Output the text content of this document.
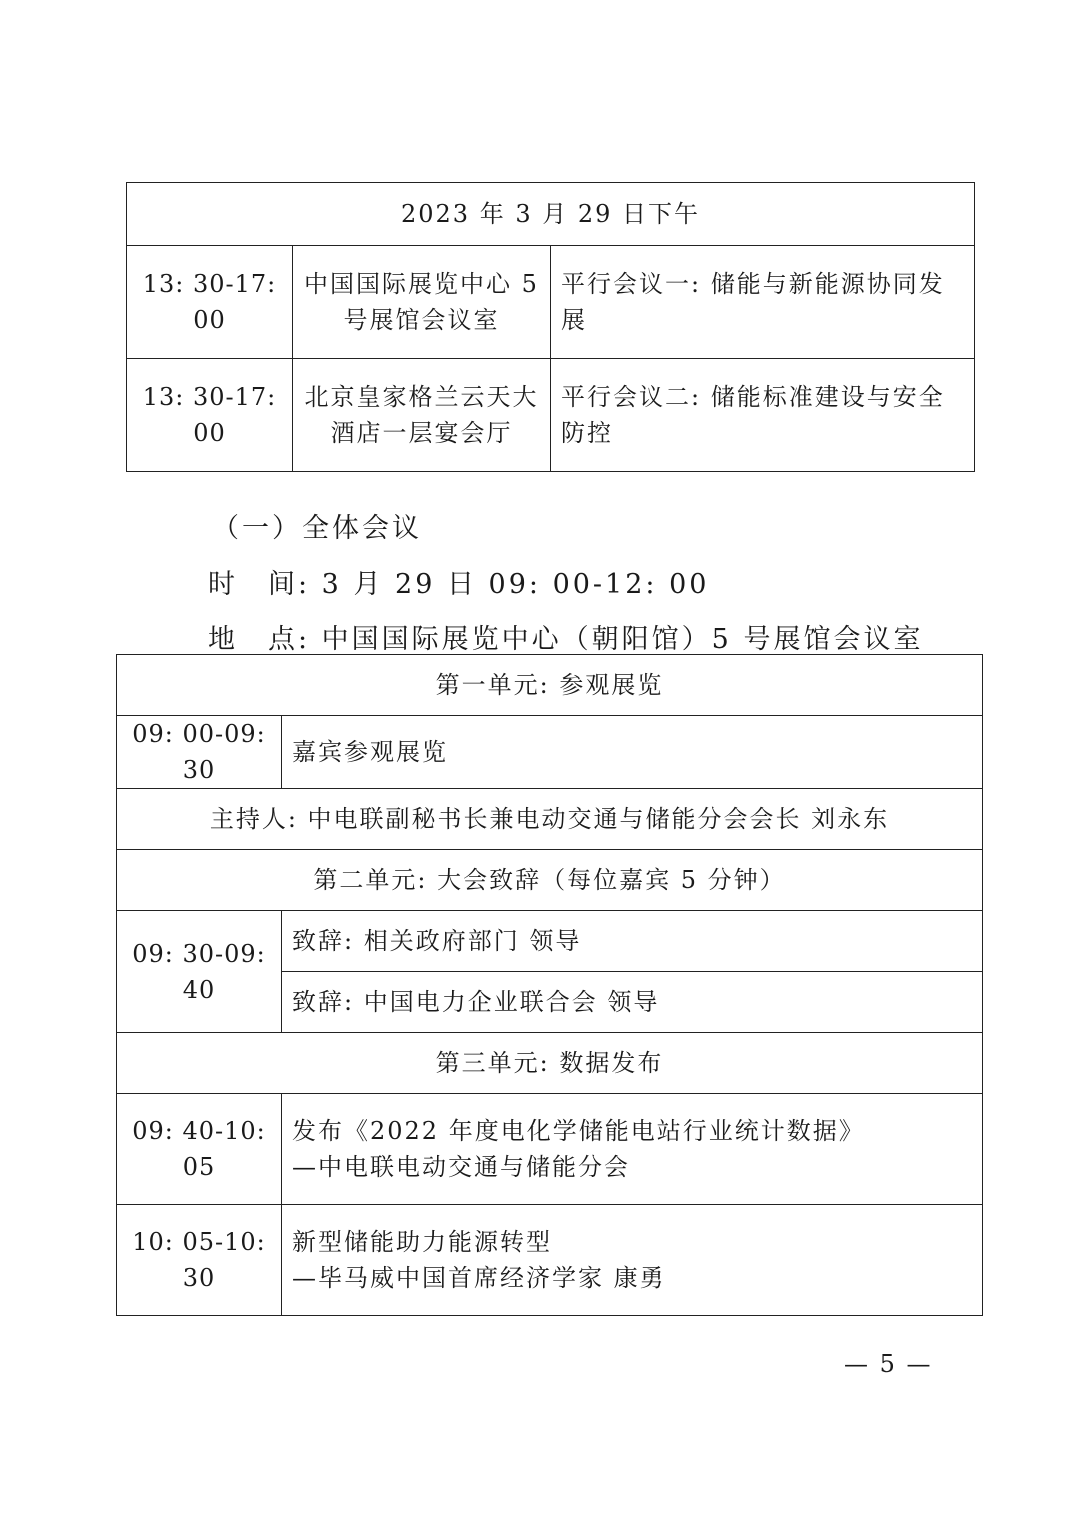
2023 年 3 月 29 日下午		
13: 30-17: 00	中国国际展览中心 5 号展馆会议室	平行会议一: 储能与新能源协同发展
13: 30-17: 00	北京皇家格兰云天大酒店一层宴会厅	平行会议二: 储能标准建设与安全防控
（一）全体会议
时　间: 3 月 29 日 09: 00-12: 00
地　点: 中国国际展览中心（朝阳馆）5 号展馆会议室
第一单元: 参观展览	
09: 00-09: 30	嘉宾参观展览
主持人: 中电联副秘书长兼电动交通与储能分会会长 刘永东	
第二单元: 大会致辞（每位嘉宾 5 分钟）	
09: 30-09: 40	致辞: 相关政府部门 领导
	致辞: 中国电力企业联合会 领导
第三单元: 数据发布	
09: 40-10: 05	发布《2022 年度电化学储能电站行业统计数据》
—中电联电动交通与储能分会

10: 05-10: 30	新型储能助力能源转型
—毕马威中国首席经济学家 康勇
— 5 —
